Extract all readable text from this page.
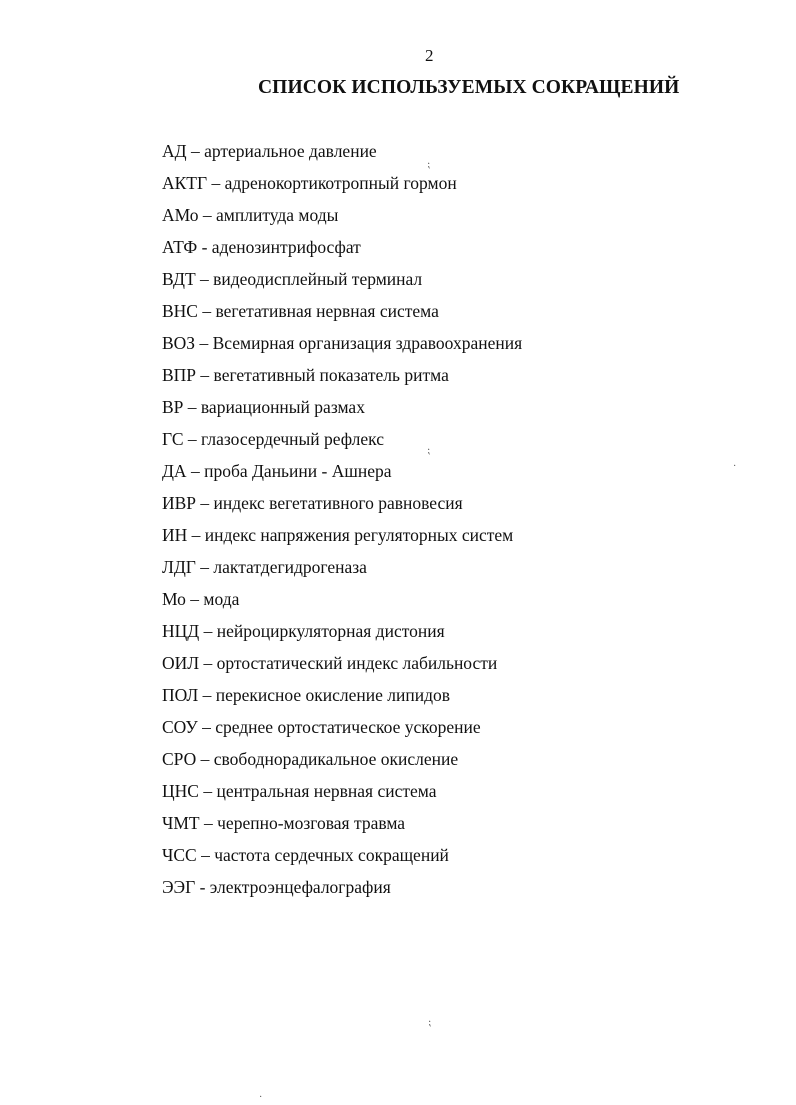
2
СПИСОК ИСПОЛЬЗУЕМЫХ СОКРАЩЕНИЙ
АД – артериальное давление
АКТГ – адренокортикотропный гормон
АМо – амплитуда моды
АТФ - аденозинтрифосфат
ВДТ – видеодисплейный терминал
ВНС – вегетативная нервная система
ВОЗ – Всемирная организация здравоохранения
ВПР – вегетативный показатель ритма
ВР – вариационный размах
ГС – глазосердечный рефлекс
ДА – проба Даньини - Ашнера
ИВР – индекс вегетативного равновесия
ИН – индекс напряжения регуляторных систем
ЛДГ – лактатдегидрогеназа
Мо – мода
НЦД – нейроциркуляторная дистония
ОИЛ – ортостатический индекс лабильности
ПОЛ – перекисное окисление липидов
СОУ – среднее ортостатическое ускорение
СРО – свободнорадикальное окисление
ЦНС – центральная нервная система
ЧМТ – черепно-мозговая травма
ЧСС – частота сердечных сокращений
ЭЭГ - электроэнцефалография
⁏
⁏
·
⁏
·
